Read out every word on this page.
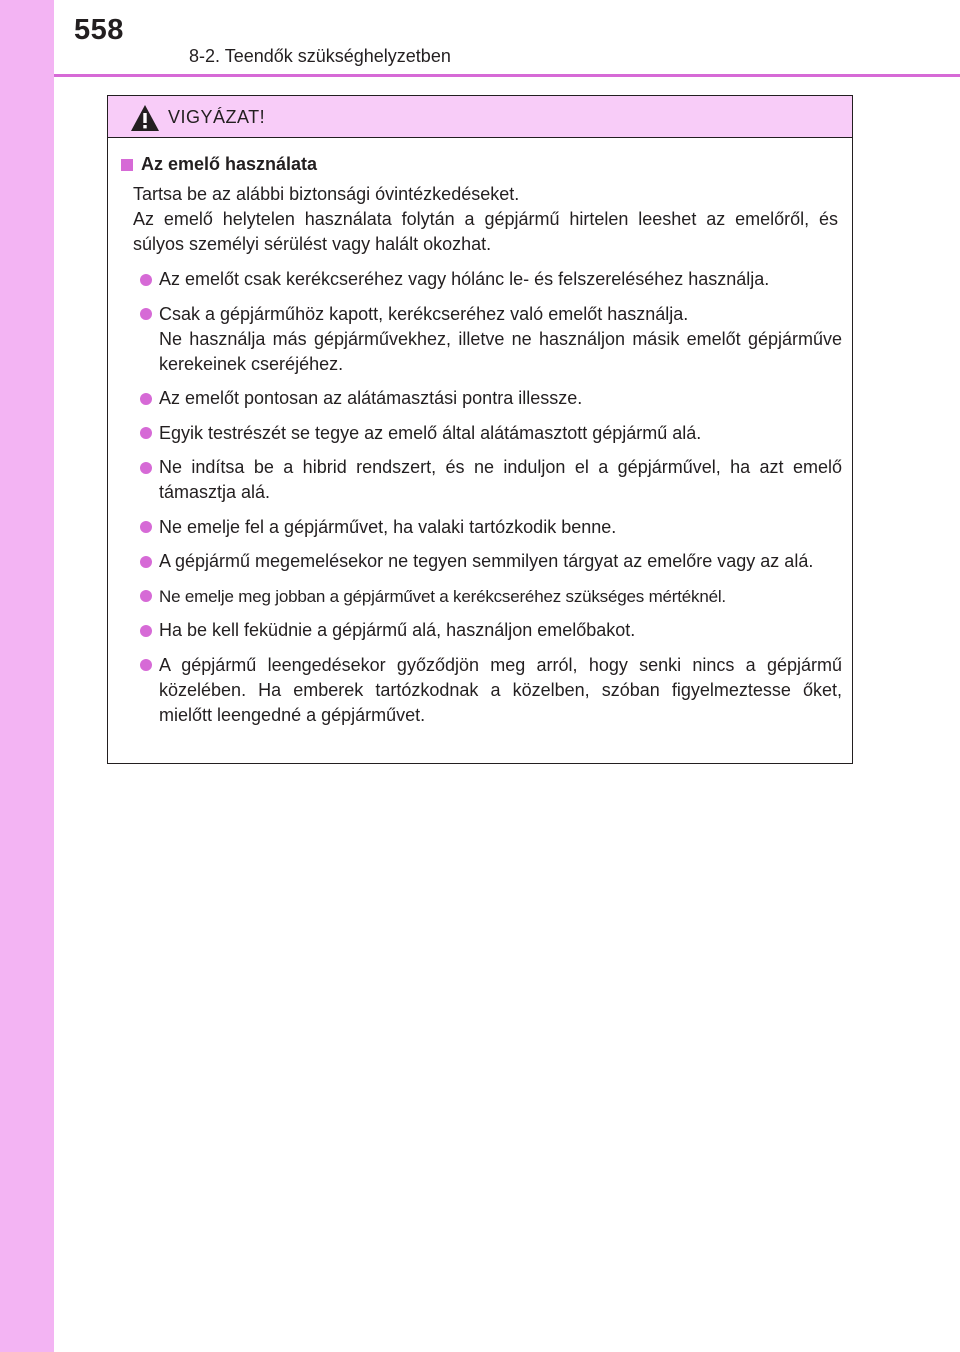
558
8-2. Teendők szükséghelyzetben
VIGYÁZAT!
Az emelő használata
Tartsa be az alábbi biztonsági óvintézkedéseket.
Az emelő helytelen használata folytán a gépjármű hirtelen leeshet az emelőről, és súlyos személyi sérülést vagy halált okozhat.
Az emelőt csak kerékcseréhez vagy hólánc le- és felszereléséhez használja.
Csak a gépjárműhöz kapott, kerékcseréhez való emelőt használja.
Ne használja más gépjárművekhez, illetve ne használjon másik emelőt gépjárműve kerekeinek cseréjéhez.
Az emelőt pontosan az alátámasztási pontra illessze.
Egyik testrészét se tegye az emelő által alátámasztott gépjármű alá.
Ne indítsa be a hibrid rendszert, és ne induljon el a gépjárművel, ha azt emelő támasztja alá.
Ne emelje fel a gépjárművet, ha valaki tartózkodik benne.
A gépjármű megemelésekor ne tegyen semmilyen tárgyat az emelőre vagy az alá.
Ne emelje meg jobban a gépjárművet a kerékcseréhez szükséges mértéknél.
Ha be kell feküdnie a gépjármű alá, használjon emelőbakot.
A gépjármű leengedésekor győződjön meg arról, hogy senki nincs a gépjármű közelében. Ha emberek tartózkodnak a közelben, szóban figyelmeztesse őket, mielőtt leengedné a gépjárművet.
